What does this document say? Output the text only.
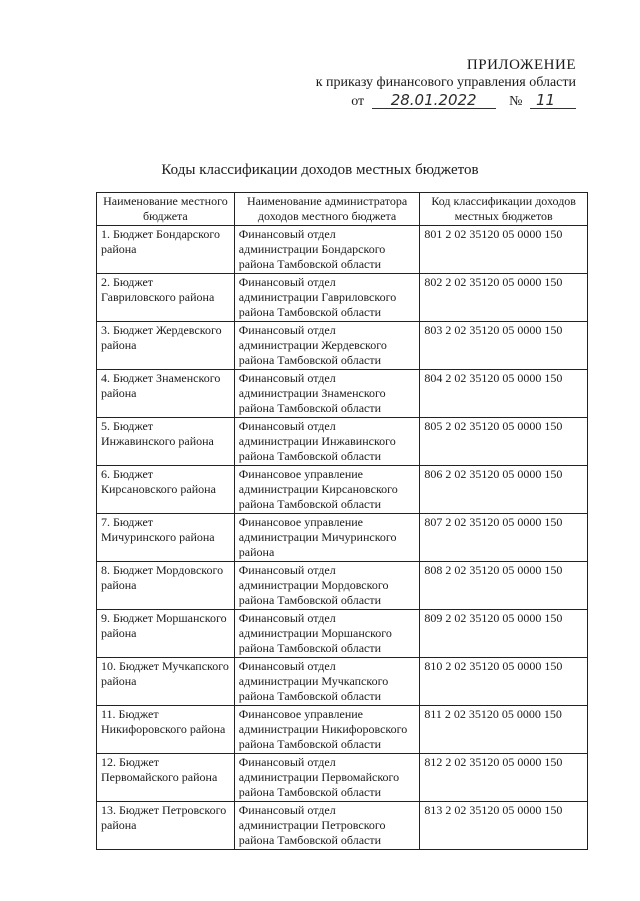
ПРИЛОЖЕНИЕ
к приказу финансового управления области
от 28.01.2022 № 11
Коды классификации доходов местных бюджетов
Наименование местного бюджета	Наименование администратора доходов местного бюджета	Код классификации доходов местных бюджетов
1. Бюджет Бондарского района	Финансовый отдел администрации Бондарского района Тамбовской области	801 2 02 35120 05 0000 150
2. Бюджет Гавриловского района	Финансовый отдел администрации Гавриловского района Тамбовской области	802 2 02 35120 05 0000 150
3. Бюджет Жердевского района	Финансовый отдел администрации Жердевского района Тамбовской области	803 2 02 35120 05 0000 150
4. Бюджет Знаменского района	Финансовый отдел администрации Знаменского района Тамбовской области	804 2 02 35120 05 0000 150
5. Бюджет Инжавинского района	Финансовый отдел администрации Инжавинского района Тамбовской области	805 2 02 35120 05 0000 150
6. Бюджет Кирсановского района	Финансовое управление администрации Кирсановского района Тамбовской области	806 2 02 35120 05 0000 150
7. Бюджет Мичуринского района	Финансовое управление администрации Мичуринского района	807 2 02 35120 05 0000 150
8. Бюджет Мордовского района	Финансовый отдел администрации Мордовского района Тамбовской области	808 2 02 35120 05 0000 150
9. Бюджет Моршанского района	Финансовый отдел администрации Моршанского района Тамбовской области	809 2 02 35120 05 0000 150
10. Бюджет Мучкапского района	Финансовый отдел администрации Мучкапского района Тамбовской области	810 2 02 35120 05 0000 150
11. Бюджет Никифоровского района	Финансовое управление администрации Никифоровского района Тамбовской области	811 2 02 35120 05 0000 150
12. Бюджет Первомайского района	Финансовый отдел администрации Первомайского района Тамбовской области	812 2 02 35120 05 0000 150
13. Бюджет Петровского района	Финансовый отдел администрации Петровского района Тамбовской области	813 2 02 35120 05 0000 150
